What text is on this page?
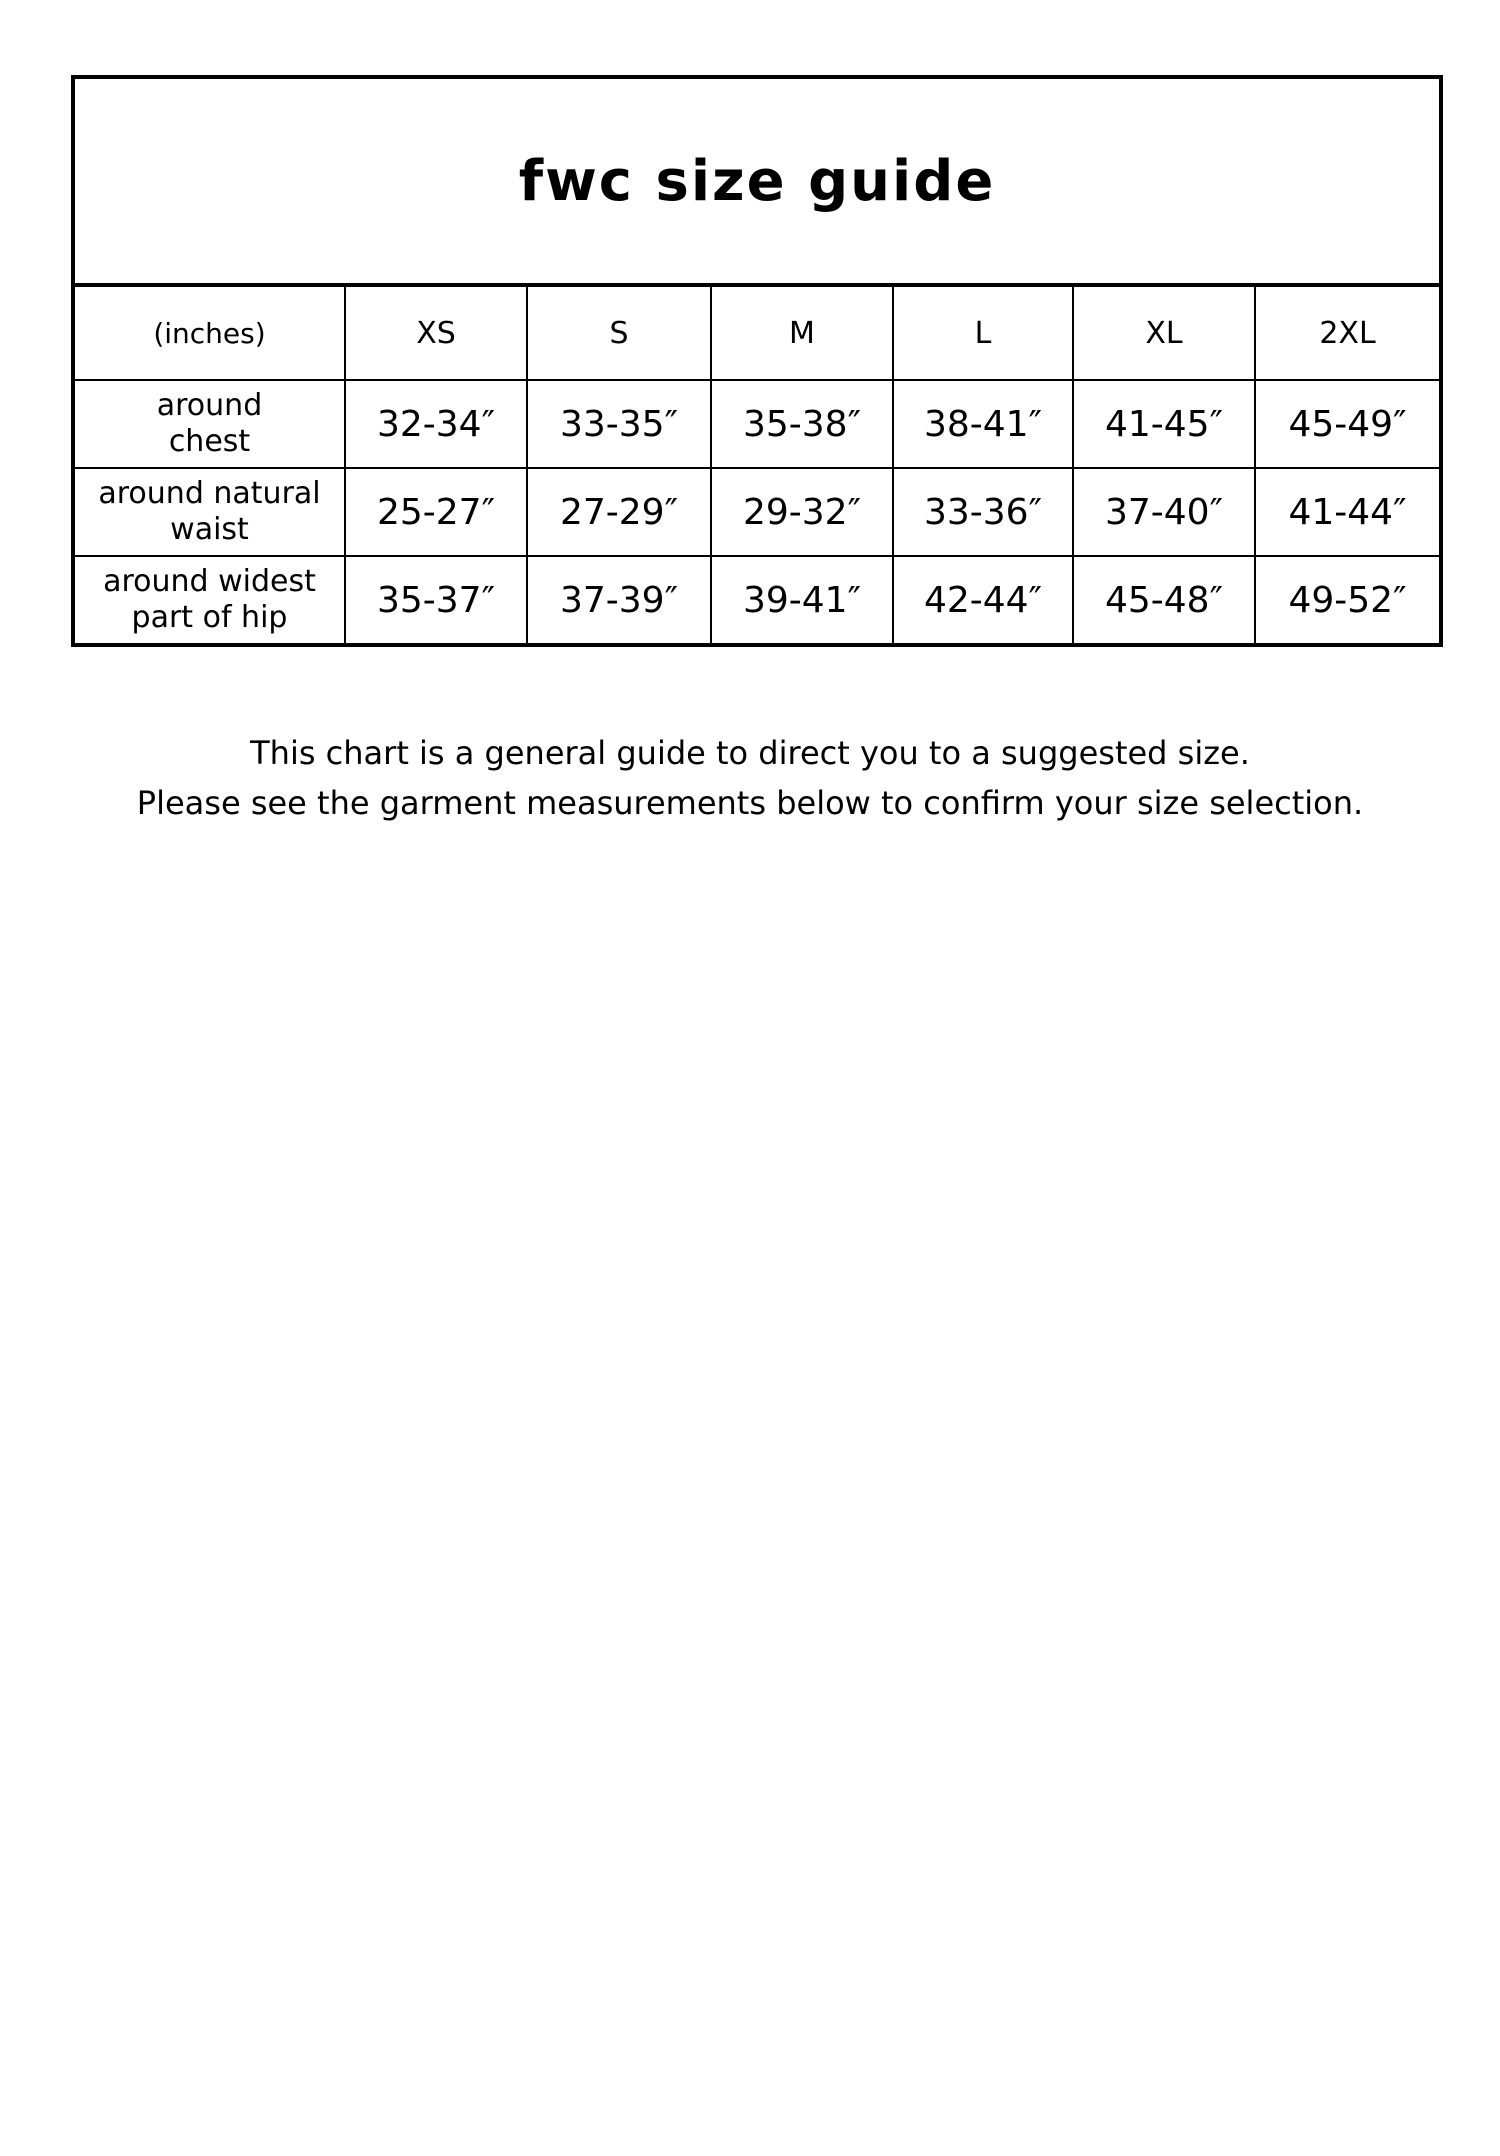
fwc size guide						
(inches)	XS	S	M	L	XL	2XL

around
chest	32-34″	33-35″	35-38″	38-41″	41-45″	45-49″

around natural
waist	25-27″	27-29″	29-32″	33-36″	37-40″	41-44″

around widest
part of hip	35-37″	37-39″	39-41″	42-44″	45-48″	49-52″

This chart is a general guide to direct you to a suggested size.

Please see the garment measurements below to confirm your size selection.
